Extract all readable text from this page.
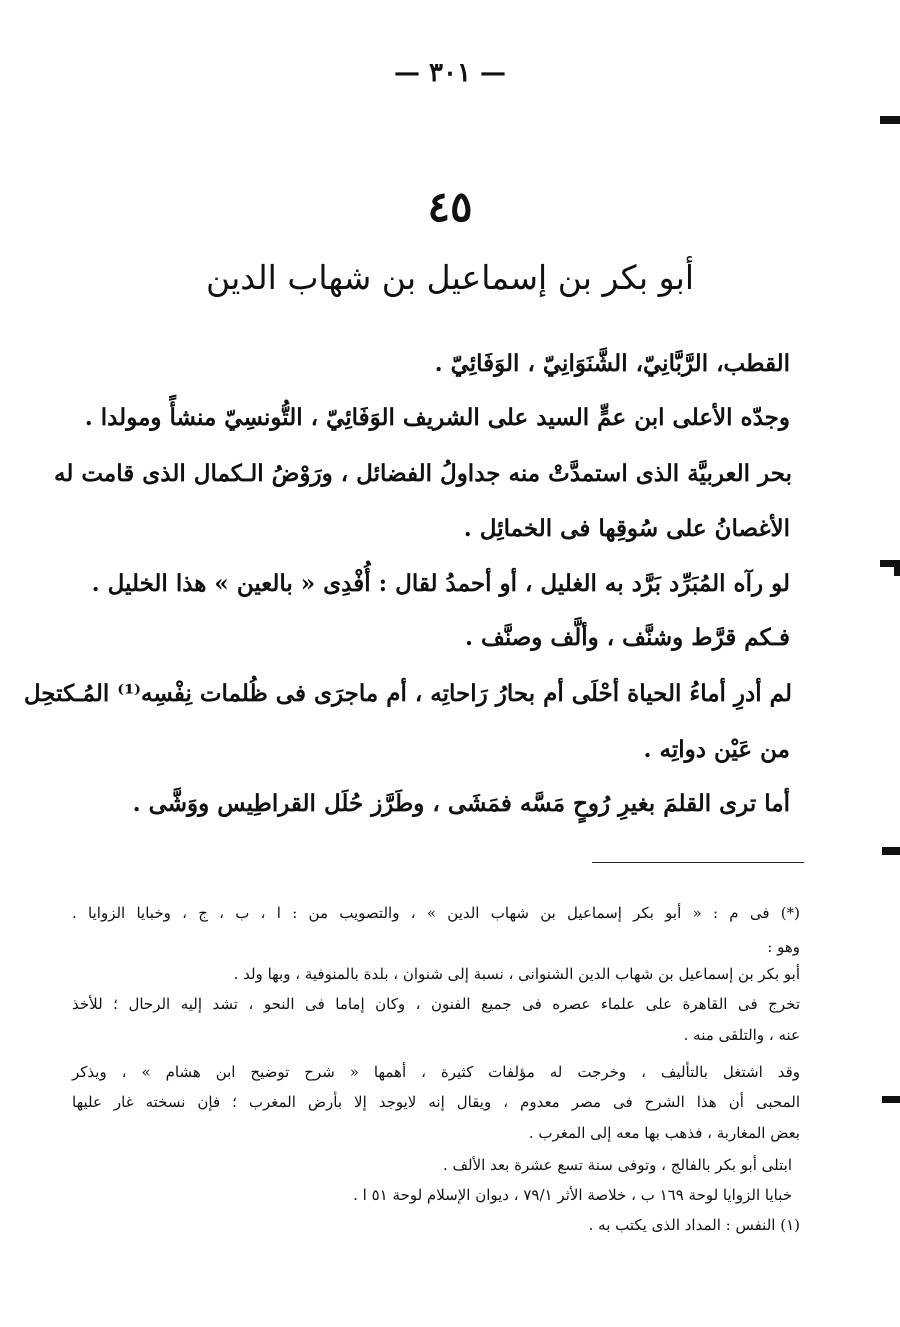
— ٣٠١ —
٤٥
أبو بكر بن إسماعيل بن شهاب الدين
القطب، الرَّبَّانِيّ، الشَّنَوَانِيّ ، الوَفَائِيّ .
وجدّه الأعلى ابن عمٍّ السيد على الشريف الوَفَائِيّ ، التُّونسِيّ منشأً ومولدا .
بحر العربيَّة الذى استمدَّتْ منه جداولُ الفضائل ، ورَوْضُ الـكمال الذى قامت له
الأغصانُ على سُوقِها فى الخمائِل .
لو رآه المُبَرِّد بَرَّد به الغليل ، أو أحمدُ لقال : أُفْدِى « بالعين » هذا الخليل .
فـكم قرَّط وشنَّف ، وألَّف وصنَّف .
لم أدرِ أماءُ الحياة أحْلَى أم بحارُ رَاحاتِه ، أم ماجرَى فى ظُلمات نِفْسِه⁽¹⁾ المُـكتحِل
من عَيْن دواتِه .
أما ترى القلمَ بغيرِ رُوحٍ مَسَّه فمَشَى ، وطَرَّز حُلَل القراطِيس ووَشَّى .
(*) فى م : « أبو بكر إسماعيل بن شهاب الدين » ، والتصويب من : ا ، ب ، ج ، وخبايا الزوايا .
وهو :
أبو بكر بن إسماعيل بن شهاب الدين الشنوانى ، نسبة إلى شنوان ، بلدة بالمنوفية ، وبها ولد .
تخرج فى القاهرة على علماء عصره فى جميع الفنون ، وكان إماما فى النحو ، تشد إليه الرحال ؛ للأخذ
عنه ، والتلقى منه .
وقد اشتغل بالتأليف ، وخرجت له مؤلفات كثيرة ، أهمها « شرح توضيح ابن هشام » ، ويذكر
المحبى أن هذا الشرح فى مصر معدوم ، ويقال إنه لايوجد إلا بأرض المغرب ؛ فإن نسخته غار عليها
بعض المغاربة ، فذهب بها معه إلى المغرب .
ابتلى أبو بكر بالفالج ، وتوفى سنة تسع عشرة بعد الألف .
خبايا الزوايا لوحة ١٦٩ ب ، خلاصة الأثر ٧٩/١ ، ديوان الإسلام لوحة ٥١ ا .
(١) النفس : المداد الذى يكتب به .
